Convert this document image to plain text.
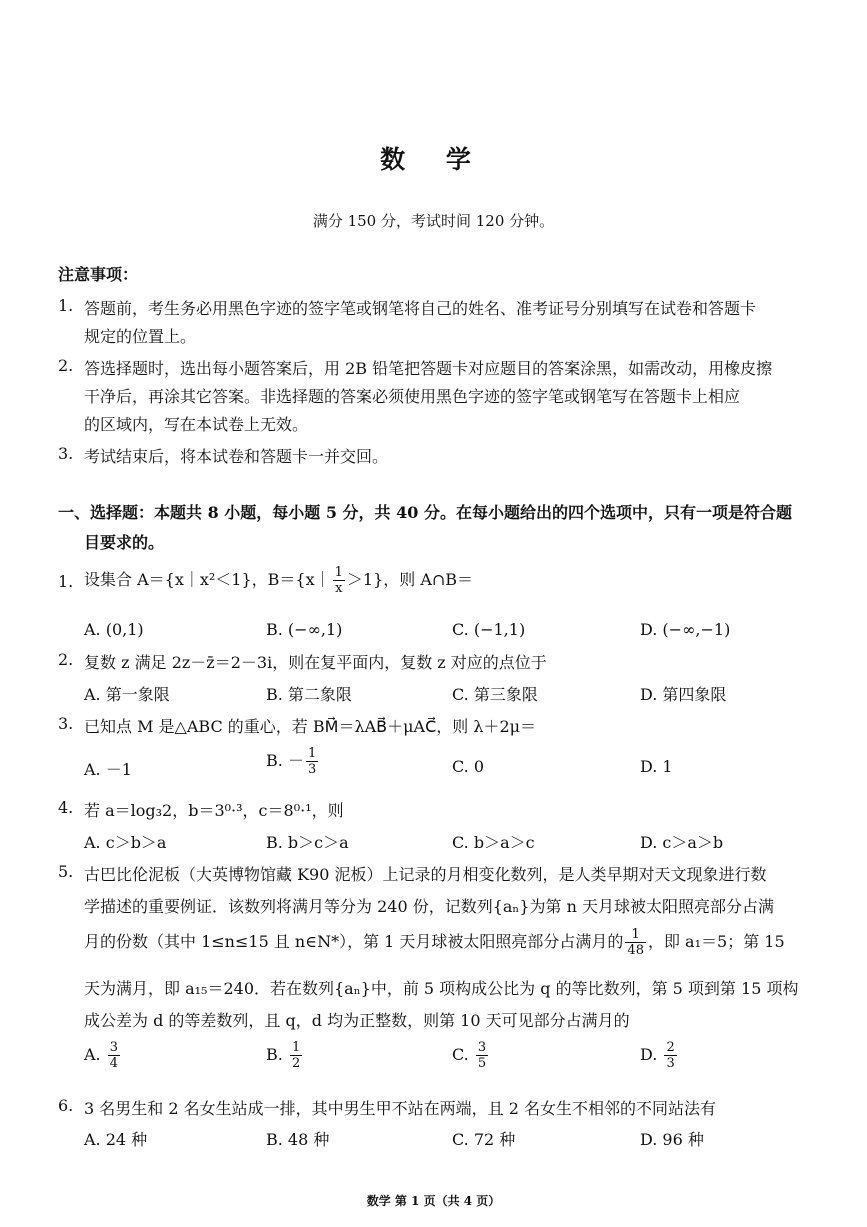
数 学
满分 150 分，考试时间 120 分钟。
注意事项：
1. 答题前，考生务必用黑色字迹的签字笔或钢笔将自己的姓名、准考证号分别填写在试卷和答题卡
规定的位置上。
2. 答选择题时，选出每小题答案后，用 2B 铅笔把答题卡对应题目的答案涂黑，如需改动，用橡皮擦
干净后，再涂其它答案。非选择题的答案必须使用黑色字迹的签字笔或钢笔写在答题卡上相应
的区域内，写在本试卷上无效。
3. 考试结束后，将本试卷和答题卡一并交回。
一、选择题：本题共 8 小题，每小题 5 分，共 40 分。在每小题给出的四个选项中，只有一项是符合题
目要求的。
1. 设集合 A＝{x｜x²＜1}，B＝{x｜ $\frac{1}{x} >1$}，则 A∩B＝
A. (0,1)	B. (−∞,1)	C. (−1,1)	D. (−∞,−1)
2. 复数 z 满足 2z－z̄＝2－3i，则在复平面内，复数 z 对应的点位于
A. 第一象限	B. 第二象限	C. 第三象限	D. 第四象限
3. 已知点 M 是△ABC 的重心，若 BM⃗＝λAB⃗＋μAC⃗，则 λ＋2μ＝
A. －1	B. － $\frac{1}{3}$	C. 0	D. 1
4. 若 a＝log₃2，b＝3⁰·³，c＝8⁰·¹，则
A. c＞b＞a	B. b＞c＞a	C. b＞a＞c	D. c＞a＞b
5. 古巴比伦泥板（大英博物馆藏 K90 泥板）上记录的月相变化数列，是人类早期对天文现象进行数
学描述的重要例证．该数列将满月等分为 240 份，记数列{aₙ}为第 n 天月球被太阳照亮部分占满
月的份数（其中 1≤n≤15 且 n∈N*），第 1 天月球被太阳照亮部分占满月的 $\frac{1}{48}$ ，即 a₁＝5；第 15
天为满月，即 a₁₅＝240．若在数列{aₙ}中，前 5 项构成公比为 q 的等比数列，第 5 项到第 15 项构
成公差为 d 的等差数列，且 q，d 均为正整数，则第 10 天可见部分占满月的
A. $\frac{3}{4}$	B. $\frac{1}{2}$	C. $\frac{3}{5}$	D. $\frac{2}{3}$
6. 3 名男生和 2 名女生站成一排，其中男生甲不站在两端，且 2 名女生不相邻的不同站法有
A. 24 种	B. 48 种	C. 72 种	D. 96 种
数学 第 1 页（共 4 页）
